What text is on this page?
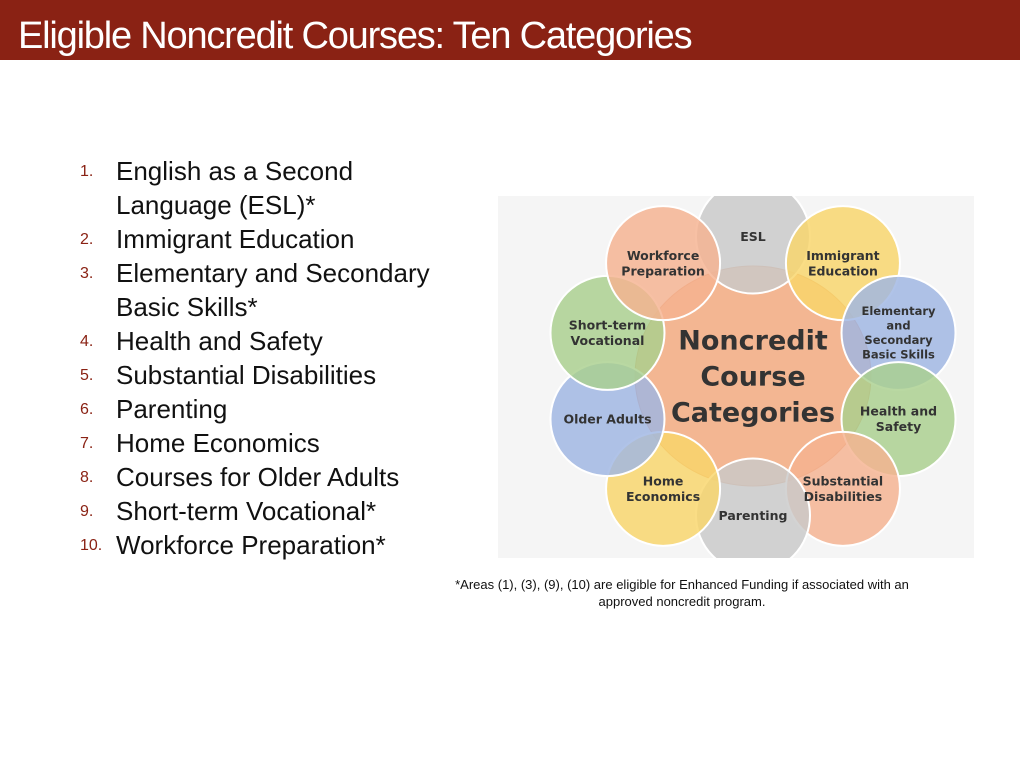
Eligible Noncredit Courses: Ten Categories
1. English as a Second
Language (ESL)*
2. Immigrant Education
3. Elementary and Secondary
Basic Skills*
4. Health and Safety
5. Substantial Disabilities
6. Parenting
7. Home Economics
8. Courses for Older Adults
9. Short-term Vocational*
10. Workforce Preparation*
ESL
Immigrant Education
Elementary and Secondary Basic Skills
Health and Safety
Substantial Disabilities
Parenting
Home Economics
Older Adults
Short-term Vocational
Workforce Preparation
Noncredit Course Categories
*Areas (1), (3), (9), (10) are eligible for Enhanced Funding if associated with an
approved noncredit program.
